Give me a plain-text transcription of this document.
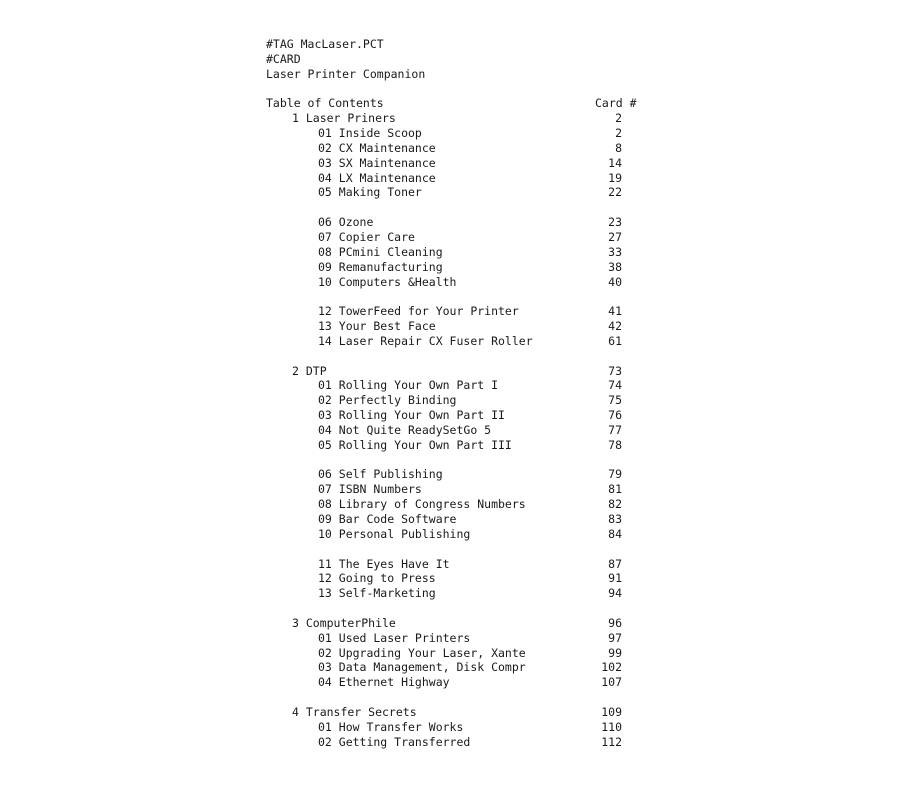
#TAG MacLaser.PCT
#CARD
Laser Printer Companion
Table of Contents	Card #
1 Laser Priners	2
01 Inside Scoop	2
02 CX Maintenance	8
03 SX Maintenance	14
04 LX Maintenance	19
05 Making Toner	22
06 Ozone	23
07 Copier Care	27
08 PCmini Cleaning	33
09 Remanufacturing	38
10 Computers &Health	40
12 TowerFeed for Your Printer	41
13 Your Best Face	42
14 Laser Repair CX Fuser Roller	61
2 DTP	73
01 Rolling Your Own Part I	74
02 Perfectly Binding	75
03 Rolling Your Own Part II	76
04 Not Quite ReadySetGo 5	77
05 Rolling Your Own Part III	78
06 Self Publishing	79
07 ISBN Numbers	81
08 Library of Congress Numbers	82
09 Bar Code Software	83
10 Personal Publishing	84
11 The Eyes Have It	87
12 Going to Press	91
13 Self-Marketing	94
3 ComputerPhile	96
01 Used Laser Printers	97
02 Upgrading Your Laser, Xante	99
03 Data Management, Disk Compr	102
04 Ethernet Highway	107
4 Transfer Secrets	109
01 How Transfer Works	110
02 Getting Transferred	112
